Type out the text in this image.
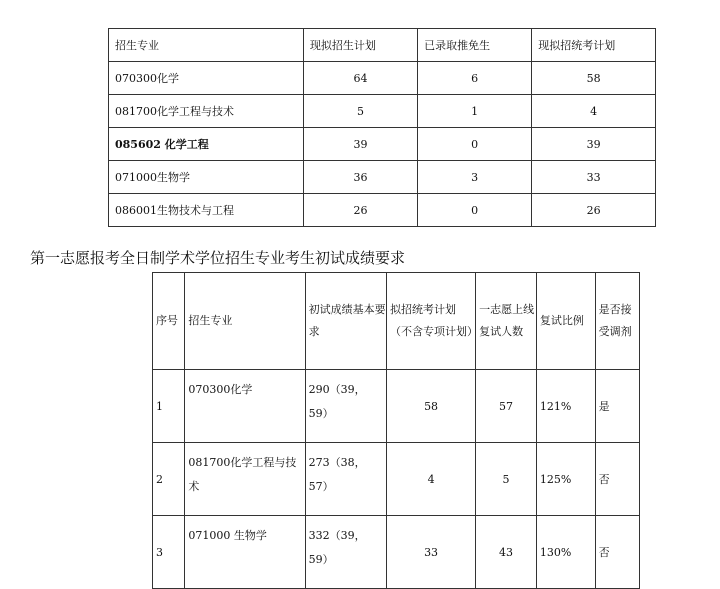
招生专业	现拟招生计划	已录取推免生	现拟招统考计划
070300化学	64	6	58
081700化学工程与技术	5	1	4
085602 化学工程	39	0	39
071000生物学	36	3	33
086001生物技术与工程	26	0	26
第一志愿报考全日制学术学位招生专业考生初试成绩要求
序号	招生专业	初试成绩基本要求	拟招统考计划（不含专项计划）	一志愿上线复试人数	复试比例	是否接受调剂
1	070300化学	290（39，59）	58	57	121%	是
2	081700化学工程与技术	273（38，57）	4	5	125%	否
3	071000 生物学	332（39，59）	33	43	130%	否
